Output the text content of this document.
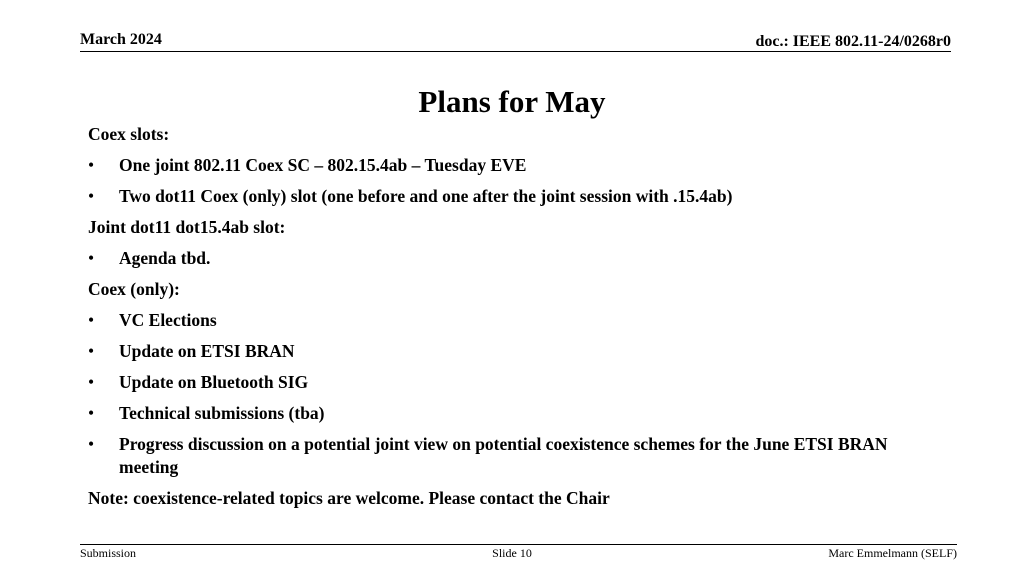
March 2024	doc.: IEEE 802.11-24/0268r0
Plans for May
Coex slots:
• One joint 802.11 Coex SC – 802.15.4ab – Tuesday EVE
• Two dot11 Coex (only) slot (one before and one after the joint session with .15.4ab)
Joint dot11 dot15.4ab slot:
• Agenda tbd.
Coex (only):
• VC Elections
• Update on ETSI BRAN
• Update on Bluetooth SIG
• Technical submissions (tba)
• Progress discussion on a potential joint view on potential coexistence schemes for the June ETSI BRAN meeting
Note: coexistence-related topics are welcome. Please contact the Chair
Submission	Slide 10	Marc Emmelmann (SELF)
